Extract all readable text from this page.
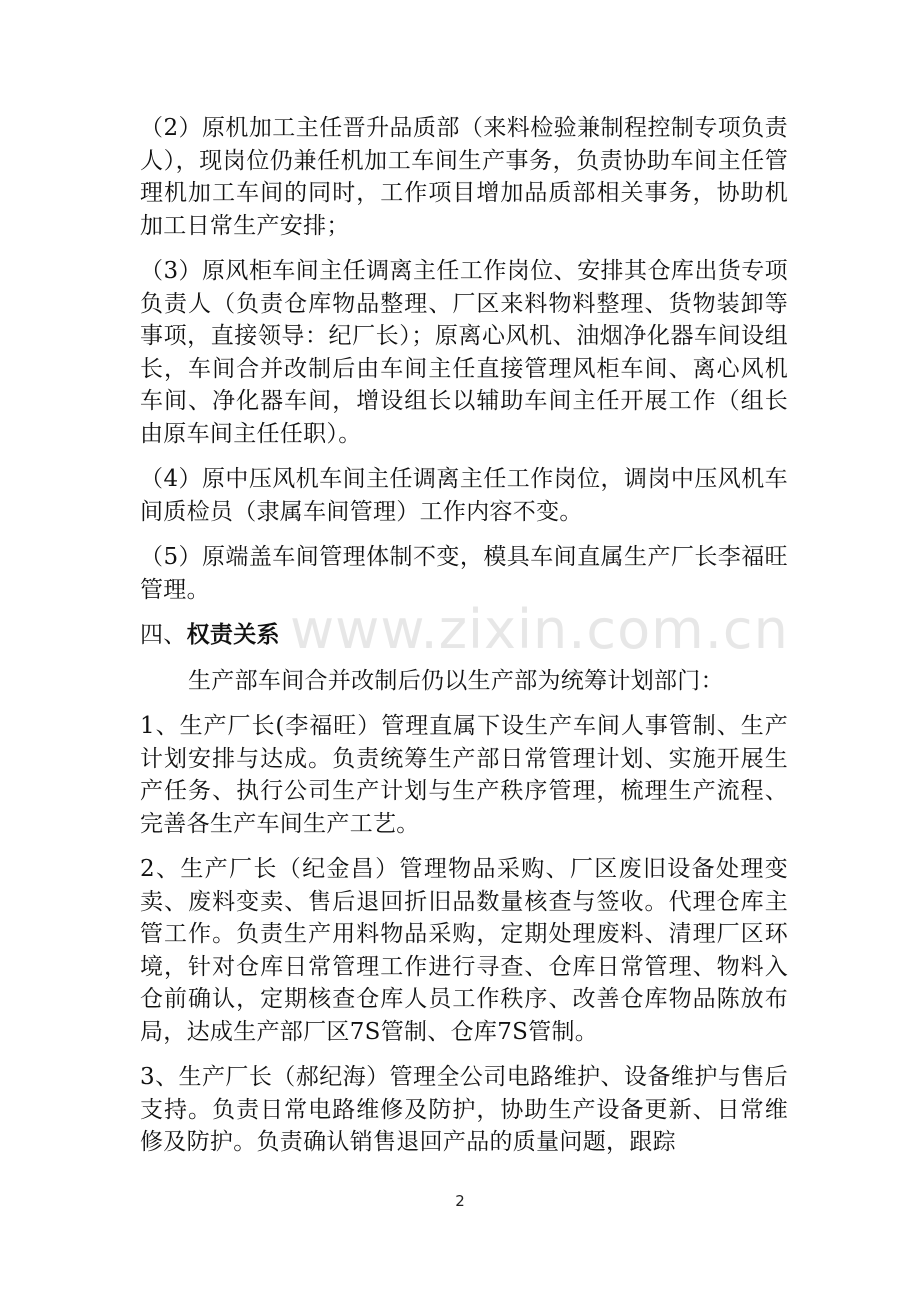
（2）原机加工主任晋升品质部（来料检验兼制程控制专项负责人），现岗位仍兼任机加工车间生产事务，负责协助车间主任管理机加工车间的同时，工作项目增加品质部相关事务，协助机加工日常生产安排；

（3）原风柜车间主任调离主任工作岗位、安排其仓库出货专项负责人（负责仓库物品整理、厂区来料物料整理、货物装卸等事项，直接领导：纪厂长）；原离心风机、油烟净化器车间设组长，车间合并改制后由车间主任直接管理风柜车间、离心风机车间、净化器车间，增设组长以辅助车间主任开展工作（组长由原车间主任任职）。

（4）原中压风机车间主任调离主任工作岗位，调岗中压风机车间质检员（隶属车间管理）工作内容不变。

（5）原端盖车间管理体制不变，模具车间直属生产厂长李福旺管理。

四、权责关系

生产部车间合并改制后仍以生产部为统筹计划部门：

1、生产厂长(李福旺）管理直属下设生产车间人事管制、生产计划安排与达成。负责统筹生产部日常管理计划、实施开展生产任务、执行公司生产计划与生产秩序管理，梳理生产流程、完善各生产车间生产工艺。

2、生产厂长（纪金昌）管理物品采购、厂区废旧设备处理变卖、废料变卖、售后退回折旧品数量核查与签收。代理仓库主管工作。负责生产用料物品采购，定期处理废料、清理厂区环境，针对仓库日常管理工作进行寻查、仓库日常管理、物料入仓前确认，定期核查仓库人员工作秩序、改善仓库物品陈放布局，达成生产部厂区7S管制、仓库7S管制。

3、生产厂长（郝纪海）管理全公司电路维护、设备维护与售后支持。负责日常电路维修及防护，协助生产设备更新、日常维修及防护。负责确认销售退回产品的质量问题，跟踪

www.zixin.com.cn
2
